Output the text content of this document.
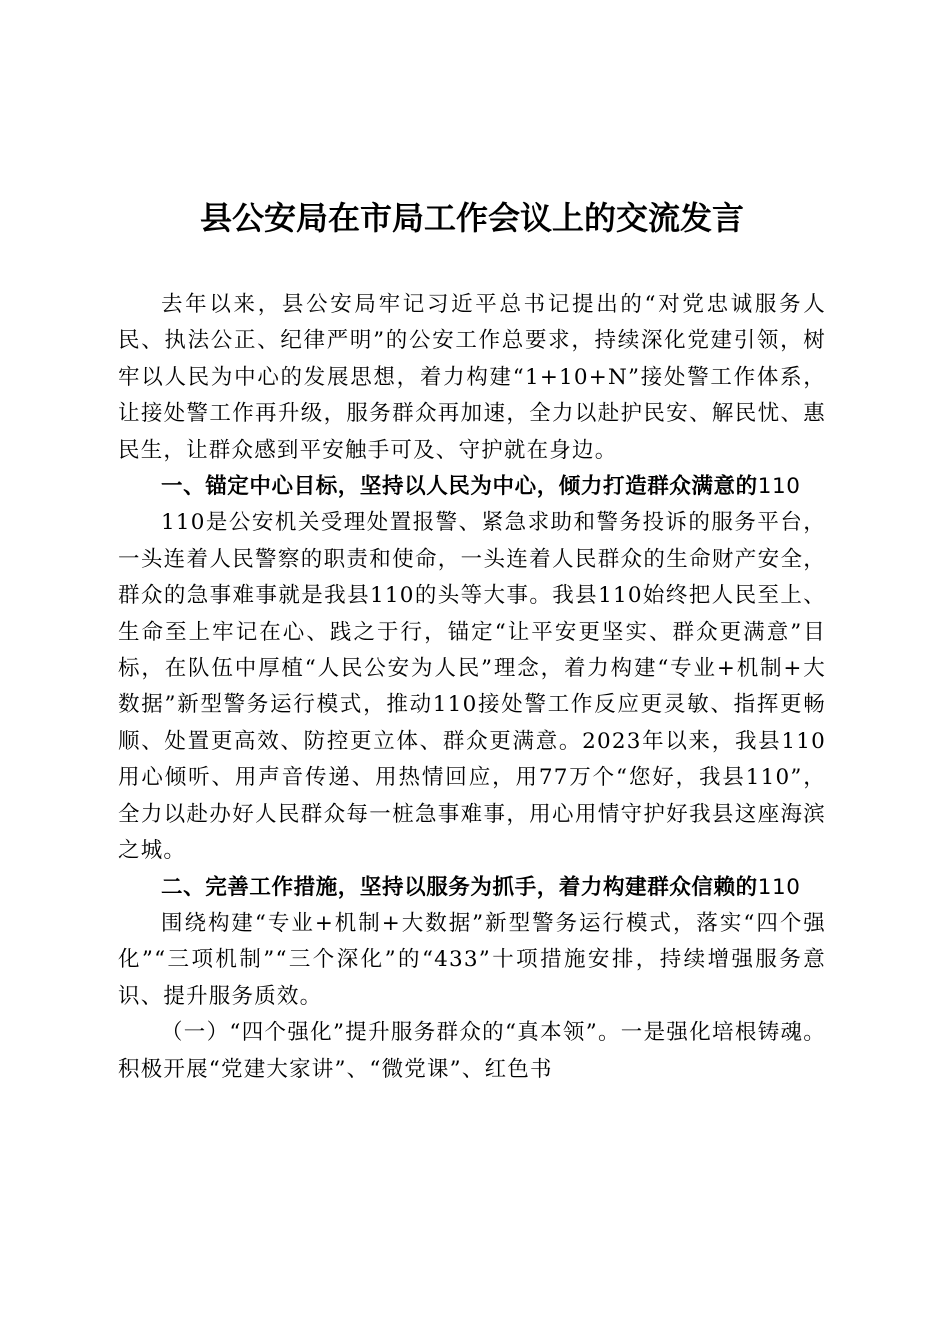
县公安局在市局工作会议上的交流发言

去年以来，县公安局牢记习近平总书记提出的“对党忠诚服务人民、执法公正、纪律严明”的公安工作总要求，持续深化党建引领，树牢以人民为中心的发展思想，着力构建“1+10+N”接处警工作体系，让接处警工作再升级，服务群众再加速，全力以赴护民安、解民忧、惠民生，让群众感到平安触手可及、守护就在身边。

一、锚定中心目标，坚持以人民为中心，倾力打造群众满意的110

110是公安机关受理处置报警、紧急求助和警务投诉的服务平台，一头连着人民警察的职责和使命，一头连着人民群众的生命财产安全，群众的急事难事就是我县110的头等大事。我县110始终把人民至上、生命至上牢记在心、践之于行，锚定“让平安更坚实、群众更满意”目标，在队伍中厚植“人民公安为人民”理念，着力构建“专业+机制+大数据”新型警务运行模式，推动110接处警工作反应更灵敏、指挥更畅顺、处置更高效、防控更立体、群众更满意。2023年以来，我县110用心倾听、用声音传递、用热情回应，用77万个“您好，我县110”，全力以赴办好人民群众每一桩急事难事，用心用情守护好我县这座海滨之城。

二、完善工作措施，坚持以服务为抓手，着力构建群众信赖的110

围绕构建“专业+机制+大数据”新型警务运行模式，落实“四个强化”“三项机制”“三个深化”的“433”十项措施安排，持续增强服务意识、提升服务质效。

（一）“四个强化”提升服务群众的“真本领”。一是强化培根铸魂。积极开展“党建大家讲”、“微党课”、红色书
